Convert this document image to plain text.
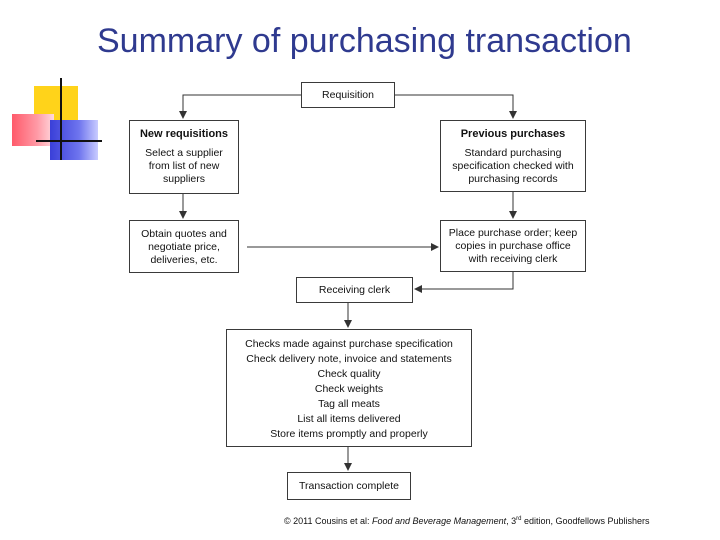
Summary of purchasing transaction
Requisition
New requisitions
Select a supplier
from list of new
suppliers
Previous purchases
Standard purchasing
specification checked with
purchasing records
Obtain quotes and
negotiate price,
deliveries, etc.
Place purchase order; keep
copies in purchase office
with receiving clerk
Receiving clerk
Checks made against purchase specification
Check delivery note, invoice and statements
Check quality
Check weights
Tag all meats
List all items delivered
Store items promptly and properly
Transaction complete
© 2011 Cousins et al: Food and Beverage Management, 3rd edition, Goodfellows Publishers
